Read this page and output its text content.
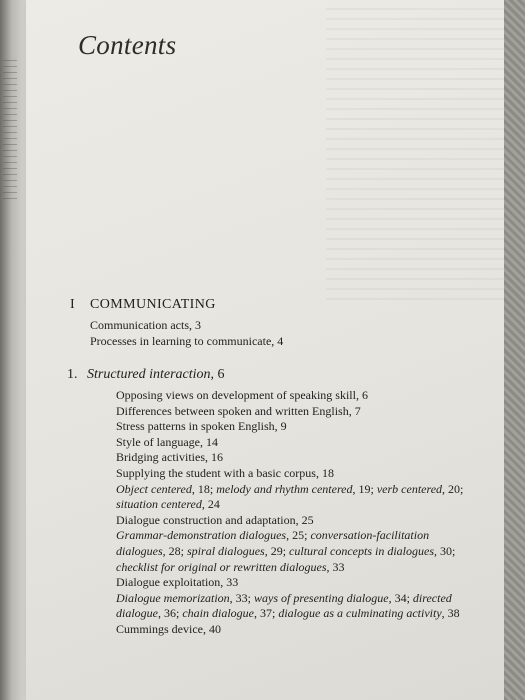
Contents
I COMMUNICATING
Communication acts, 3
Processes in learning to communicate, 4
1. Structured interaction, 6
Opposing views on development of speaking skill, 6
Differences between spoken and written English, 7
Stress patterns in spoken English, 9
Style of language, 14
Bridging activities, 16
Supplying the student with a basic corpus, 18
Object centered, 18; melody and rhythm centered, 19; verb centered, 20;
situation centered, 24
Dialogue construction and adaptation, 25
Grammar-demonstration dialogues, 25; conversation-facilitation
dialogues, 28; spiral dialogues, 29; cultural concepts in dialogues, 30;
checklist for original or rewritten dialogues, 33
Dialogue exploitation, 33
Dialogue memorization, 33; ways of presenting dialogue, 34; directed
dialogue, 36; chain dialogue, 37; dialogue as a culminating activity, 38
Cummings device, 40
